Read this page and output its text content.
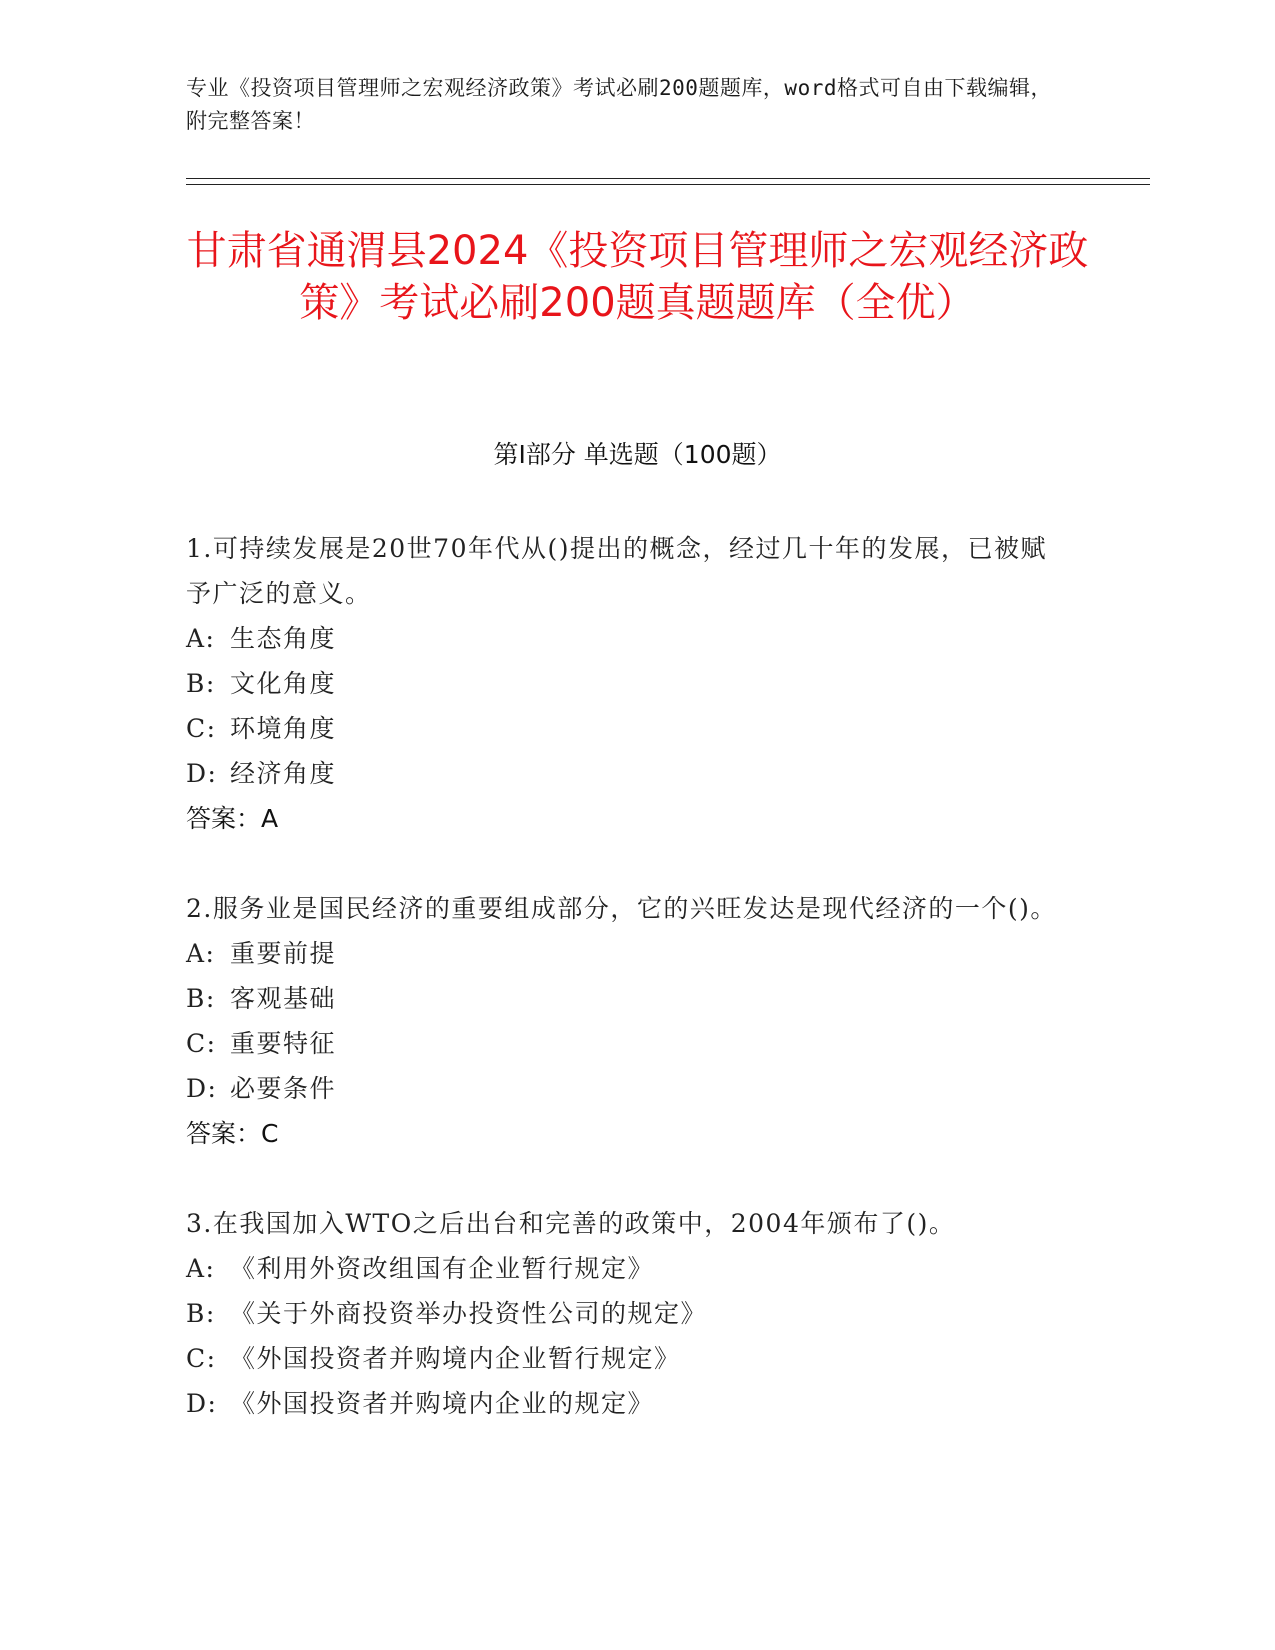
专业《投资项目管理师之宏观经济政策》考试必刷200题题库，word格式可自由下载编辑，附完整答案！
甘肃省通渭县2024《投资项目管理师之宏观经济政策》考试必刷200题真题题库（全优）
第I部分 单选题（100题）
1.可持续发展是20世70年代从()提出的概念，经过几十年的发展，已被赋予广泛的意义。
A: 生态角度
B: 文化角度
C: 环境角度
D: 经济角度
答案：A
2.服务业是国民经济的重要组成部分，它的兴旺发达是现代经济的一个()。
A: 重要前提
B: 客观基础
C: 重要特征
D: 必要条件
答案：C
3.在我国加入WTO之后出台和完善的政策中，2004年颁布了()。
A: 《利用外资改组国有企业暂行规定》
B: 《关于外商投资举办投资性公司的规定》
C: 《外国投资者并购境内企业暂行规定》
D: 《外国投资者并购境内企业的规定》
